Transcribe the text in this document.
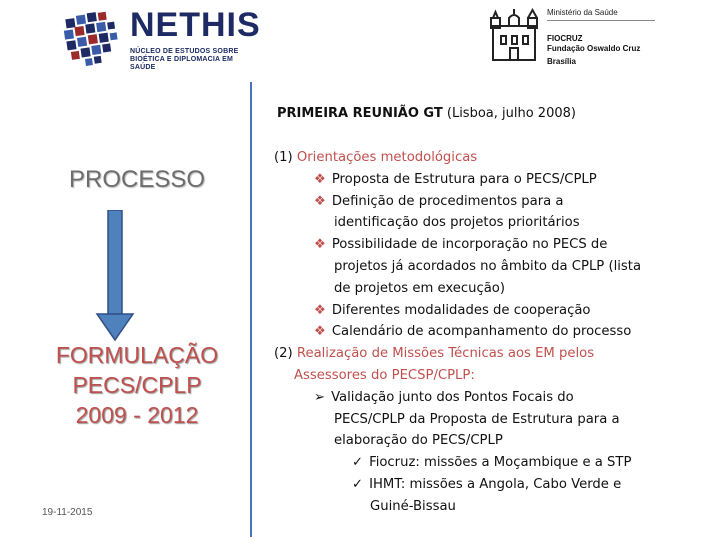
NETHIS
NÚCLEO DE ESTUDOS SOBRE
BIOÉTICA E DIPLOMACIA EM SAÚDE
Ministério da Saúde
FIOCRUZ
Fundação Oswaldo Cruz
Brasília
PROCESSO
FORMULAÇÃO
PECS/CPLP
2009 - 2012
19-11-2015
PRIMEIRA REUNIÃO GT (Lisboa, julho 2008)
(1) Orientações metodológicas
❖ Proposta de Estrutura para o PECS/CPLP
❖ Definição de procedimentos para a
identificação dos projetos prioritários
❖ Possibilidade de incorporação no PECS de
projetos já acordados no âmbito da CPLP (lista
de projetos em execução)
❖ Diferentes modalidades de cooperação
❖ Calendário de acompanhamento do processo
(2) Realização de Missões Técnicas aos EM pelos
Assessores do PECSP/CPLP:
➢ Validação junto dos Pontos Focais do
PECS/CPLP da Proposta de Estrutura para a
elaboração do PECS/CPLP
✓ Fiocruz: missões a Moçambique e a STP
✓ IHMT: missões a Angola, Cabo Verde e
Guiné-Bissau
